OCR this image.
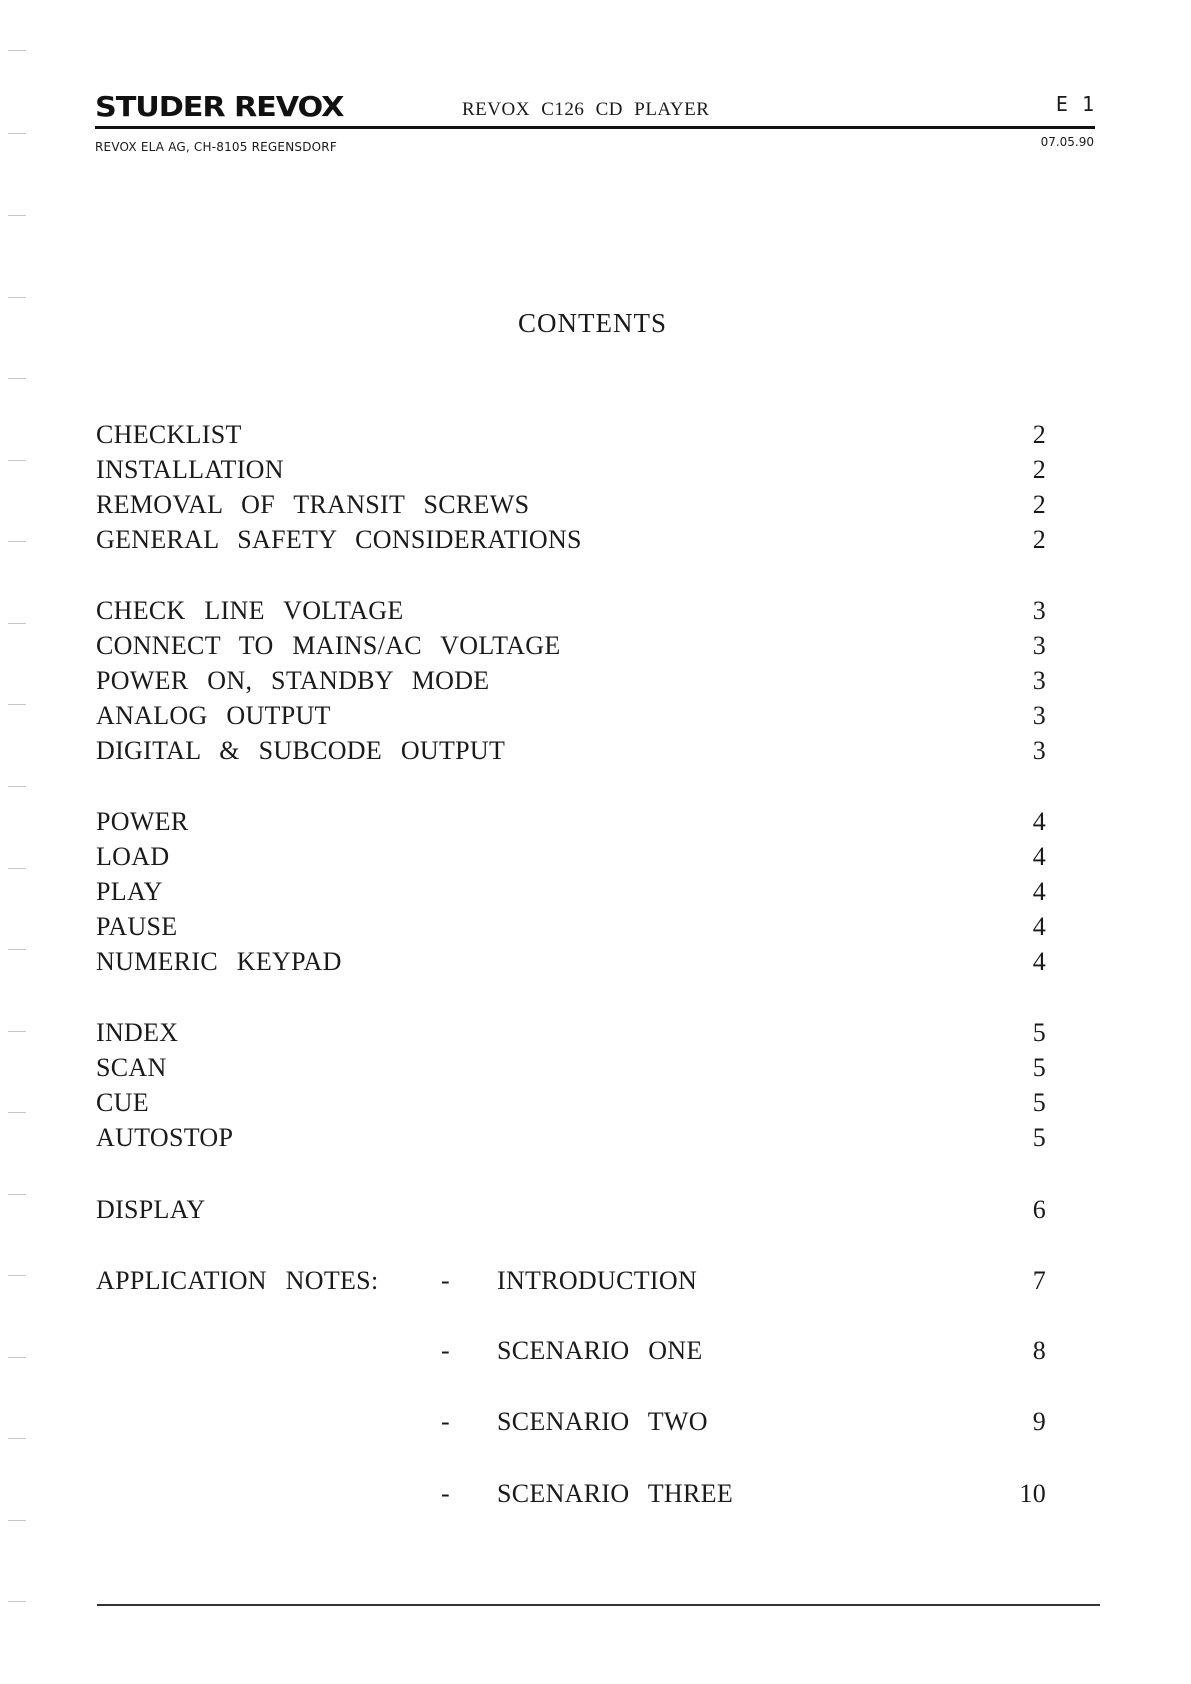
STUDER REVOX	REVOX C126 CD PLAYER	E 1
REVOX ELA AG, CH-8105 REGENSDORF	07.05.90
CONTENTS
CHECKLIST	2
INSTALLATION	2
REMOVAL OF TRANSIT SCREWS	2
GENERAL SAFETY CONSIDERATIONS	2
CHECK LINE VOLTAGE	3
CONNECT TO MAINS/AC VOLTAGE	3
POWER ON, STANDBY MODE	3
ANALOG OUTPUT	3
DIGITAL & SUBCODE OUTPUT	3
POWER	4
LOAD	4
PLAY	4
PAUSE	4
NUMERIC KEYPAD	4
INDEX	5
SCAN	5
CUE	5
AUTOSTOP	5
DISPLAY	6
APPLICATION NOTES: - INTRODUCTION	7
- SCENARIO ONE	8
- SCENARIO TWO	9
- SCENARIO THREE	10
